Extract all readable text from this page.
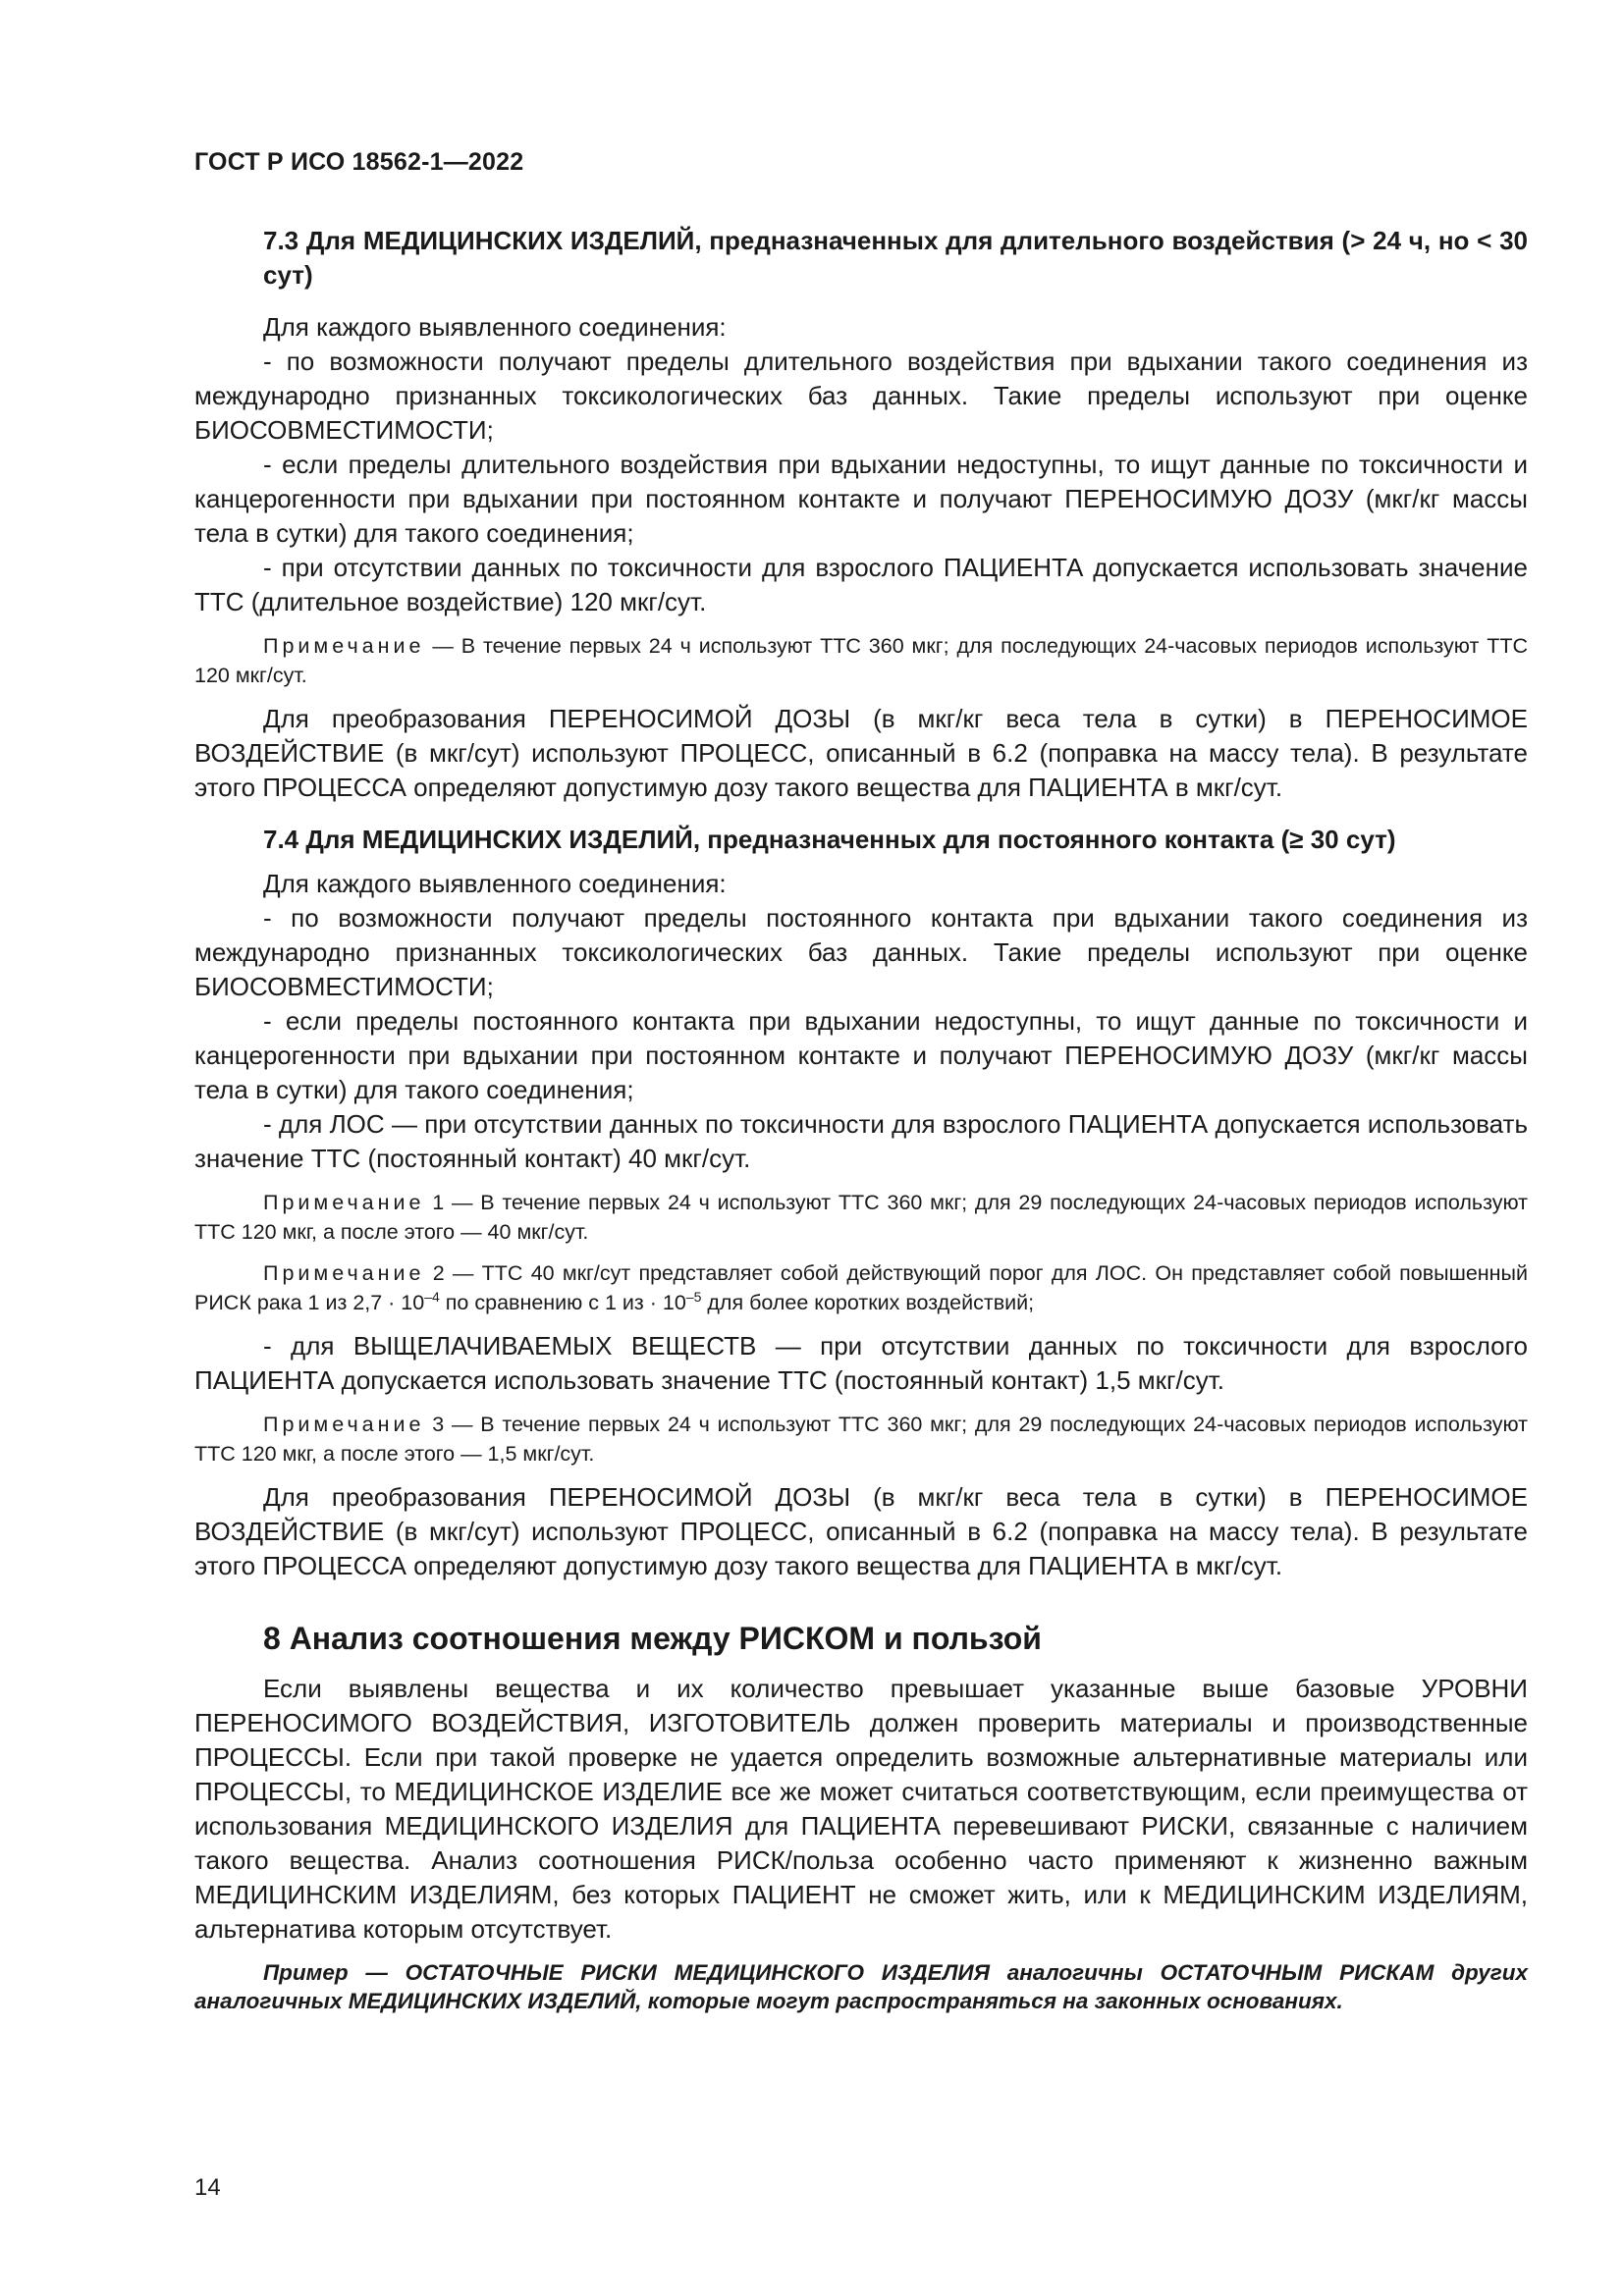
ГОСТ Р ИСО 18562-1—2022

7.3 Для МЕДИЦИНСКИХ ИЗДЕЛИЙ, предназначенных для длительного воздействия (> 24 ч, но < 30 сут)

Для каждого выявленного соединения:

- по возможности получают пределы длительного воздействия при вдыхании такого соединения из международно признанных токсикологических баз данных. Такие пределы используют при оценке БИОСОВМЕСТИМОСТИ;

- если пределы длительного воздействия при вдыхании недоступны, то ищут данные по токсичности и канцерогенности при вдыхании при постоянном контакте и получают ПЕРЕНОСИМУЮ ДОЗУ (мкг/кг массы тела в сутки) для такого соединения;

- при отсутствии данных по токсичности для взрослого ПАЦИЕНТА допускается использовать значение ТТС (длительное воздействие) 120 мкг/сут.

Примечание — В течение первых 24 ч используют ТТС 360 мкг; для последующих 24-часовых периодов используют ТТС 120 мкг/сут.

Для преобразования ПЕРЕНОСИМОЙ ДОЗЫ (в мкг/кг веса тела в сутки) в ПЕРЕНОСИМОЕ ВОЗДЕЙСТВИЕ (в мкг/сут) используют ПРОЦЕСС, описанный в 6.2 (поправка на массу тела). В результате этого ПРОЦЕССА определяют допустимую дозу такого вещества для ПАЦИЕНТА в мкг/сут.

7.4 Для МЕДИЦИНСКИХ ИЗДЕЛИЙ, предназначенных для постоянного контакта (≥ 30 сут)

Для каждого выявленного соединения:

- по возможности получают пределы постоянного контакта при вдыхании такого соединения из международно признанных токсикологических баз данных. Такие пределы используют при оценке БИОСОВМЕСТИМОСТИ;

- если пределы постоянного контакта при вдыхании недоступны, то ищут данные по токсичности и канцерогенности при вдыхании при постоянном контакте и получают ПЕРЕНОСИМУЮ ДОЗУ (мкг/кг массы тела в сутки) для такого соединения;

- для ЛОС — при отсутствии данных по токсичности для взрослого ПАЦИЕНТА допускается использовать значение ТТС (постоянный контакт) 40 мкг/сут.

Примечание 1 — В течение первых 24 ч используют ТТС 360 мкг; для 29 последующих 24-часовых периодов используют ТТС 120 мкг, а после этого — 40 мкг/сут.

Примечание 2 — ТТС 40 мкг/сут представляет собой действующий порог для ЛОС. Он представляет собой повышенный РИСК рака 1 из $2,7 \cdot 10^{-4}$ по сравнению с 1 из · $10^{-5}$ для более коротких воздействий;

- для ВЫЩЕЛАЧИВАЕМЫХ ВЕЩЕСТВ — при отсутствии данных по токсичности для взрослого ПАЦИЕНТА допускается использовать значение ТТС (постоянный контакт) 1,5 мкг/сут.

Примечание 3 — В течение первых 24 ч используют ТТС 360 мкг; для 29 последующих 24-часовых периодов используют ТТС 120 мкг, а после этого — 1,5 мкг/сут.

Для преобразования ПЕРЕНОСИМОЙ ДОЗЫ (в мкг/кг веса тела в сутки) в ПЕРЕНОСИМОЕ ВОЗДЕЙСТВИЕ (в мкг/сут) используют ПРОЦЕСС, описанный в 6.2 (поправка на массу тела). В результате этого ПРОЦЕССА определяют допустимую дозу такого вещества для ПАЦИЕНТА в мкг/сут.

8 Анализ соотношения между РИСКОМ и пользой

Если выявлены вещества и их количество превышает указанные выше базовые УРОВНИ ПЕРЕНОСИМОГО ВОЗДЕЙСТВИЯ, ИЗГОТОВИТЕЛЬ должен проверить материалы и производственные ПРОЦЕССЫ. Если при такой проверке не удается определить возможные альтернативные материалы или ПРОЦЕССЫ, то МЕДИЦИНСКОЕ ИЗДЕЛИЕ все же может считаться соответствующим, если преимущества от использования МЕДИЦИНСКОГО ИЗДЕЛИЯ для ПАЦИЕНТА перевешивают РИСКИ, связанные с наличием такого вещества. Анализ соотношения РИСК/польза особенно часто применяют к жизненно важным МЕДИЦИНСКИМ ИЗДЕЛИЯМ, без которых ПАЦИЕНТ не сможет жить, или к МЕДИЦИНСКИМ ИЗДЕЛИЯМ, альтернатива которым отсутствует.

Пример — ОСТАТОЧНЫЕ РИСКИ МЕДИЦИНСКОГО ИЗДЕЛИЯ аналогичны ОСТАТОЧНЫМ РИСКАМ других аналогичных МЕДИЦИНСКИХ ИЗДЕЛИЙ, которые могут распространяться на законных основаниях.

14
